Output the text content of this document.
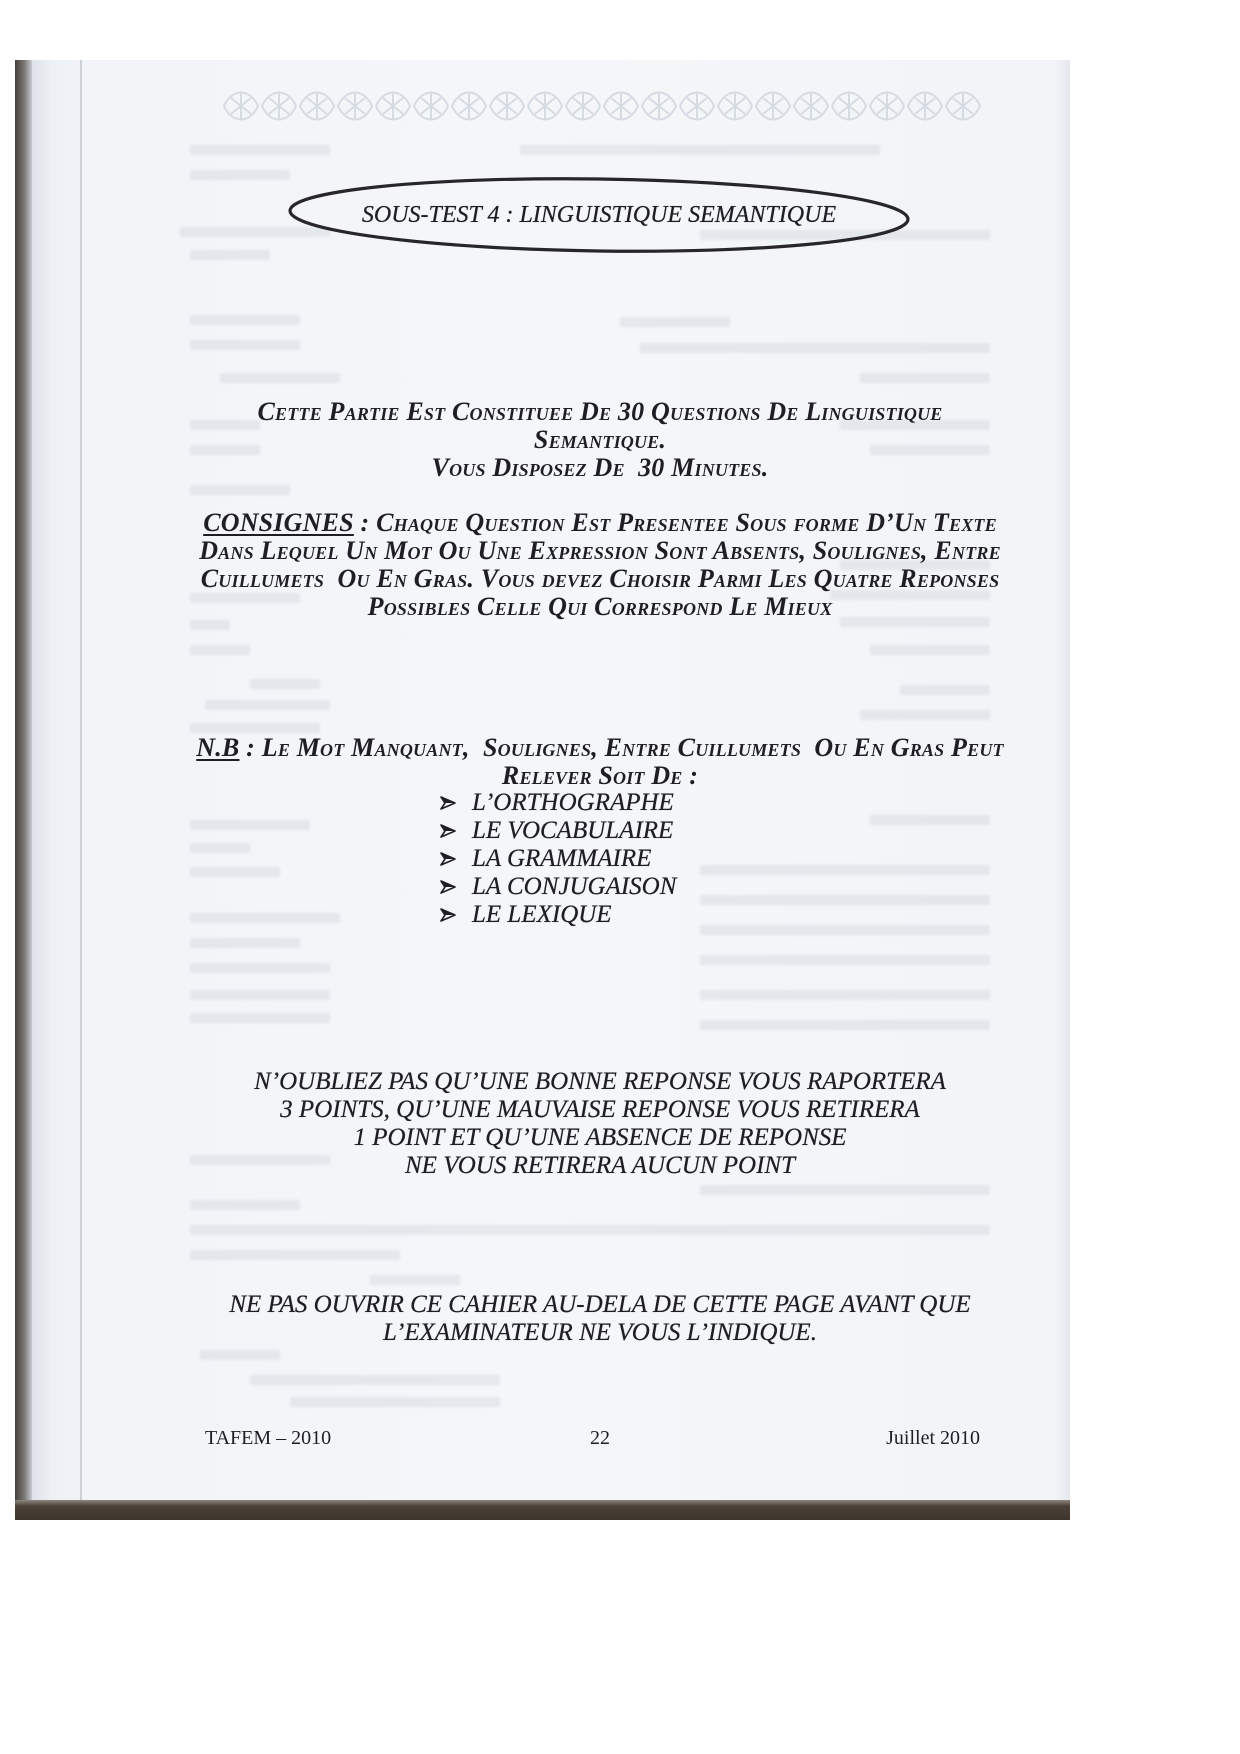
SOUS-TEST 4 : LINGUISTIQUE SEMANTIQUE
Cette Partie Est Constituee De 30 Questions De Linguistique
Semantique.
Vous Disposez De  30 Minutes.
CONSIGNES : Chaque Question Est Presentee Sous forme D’Un Texte
Dans Lequel Un Mot Ou Une Expression Sont Absents, Soulignes, Entre
Cuillumets  Ou En Gras. Vous devez Choisir Parmi Les Quatre Reponses
Possibles Celle Qui Correspond Le Mieux
N.B : Le Mot Manquant,  Soulignes, Entre Cuillumets  Ou En Gras Peut
Relever Soit De :
L’ORTHOGRAPHE
LE VOCABULAIRE
LA GRAMMAIRE
LA CONJUGAISON
LE LEXIQUE
N’OUBLIEZ PAS QU’UNE BONNE REPONSE VOUS RAPORTERA
3 POINTS, QU’UNE MAUVAISE REPONSE VOUS RETIRERA
1 POINT ET QU’UNE ABSENCE DE REPONSE
NE VOUS RETIRERA AUCUN POINT
NE PAS OUVRIR CE CAHIER AU-DELA DE CETTE PAGE AVANT QUE
L’EXAMINATEUR NE VOUS L’INDIQUE.
TAFEM – 2010	22	Juillet 2010
